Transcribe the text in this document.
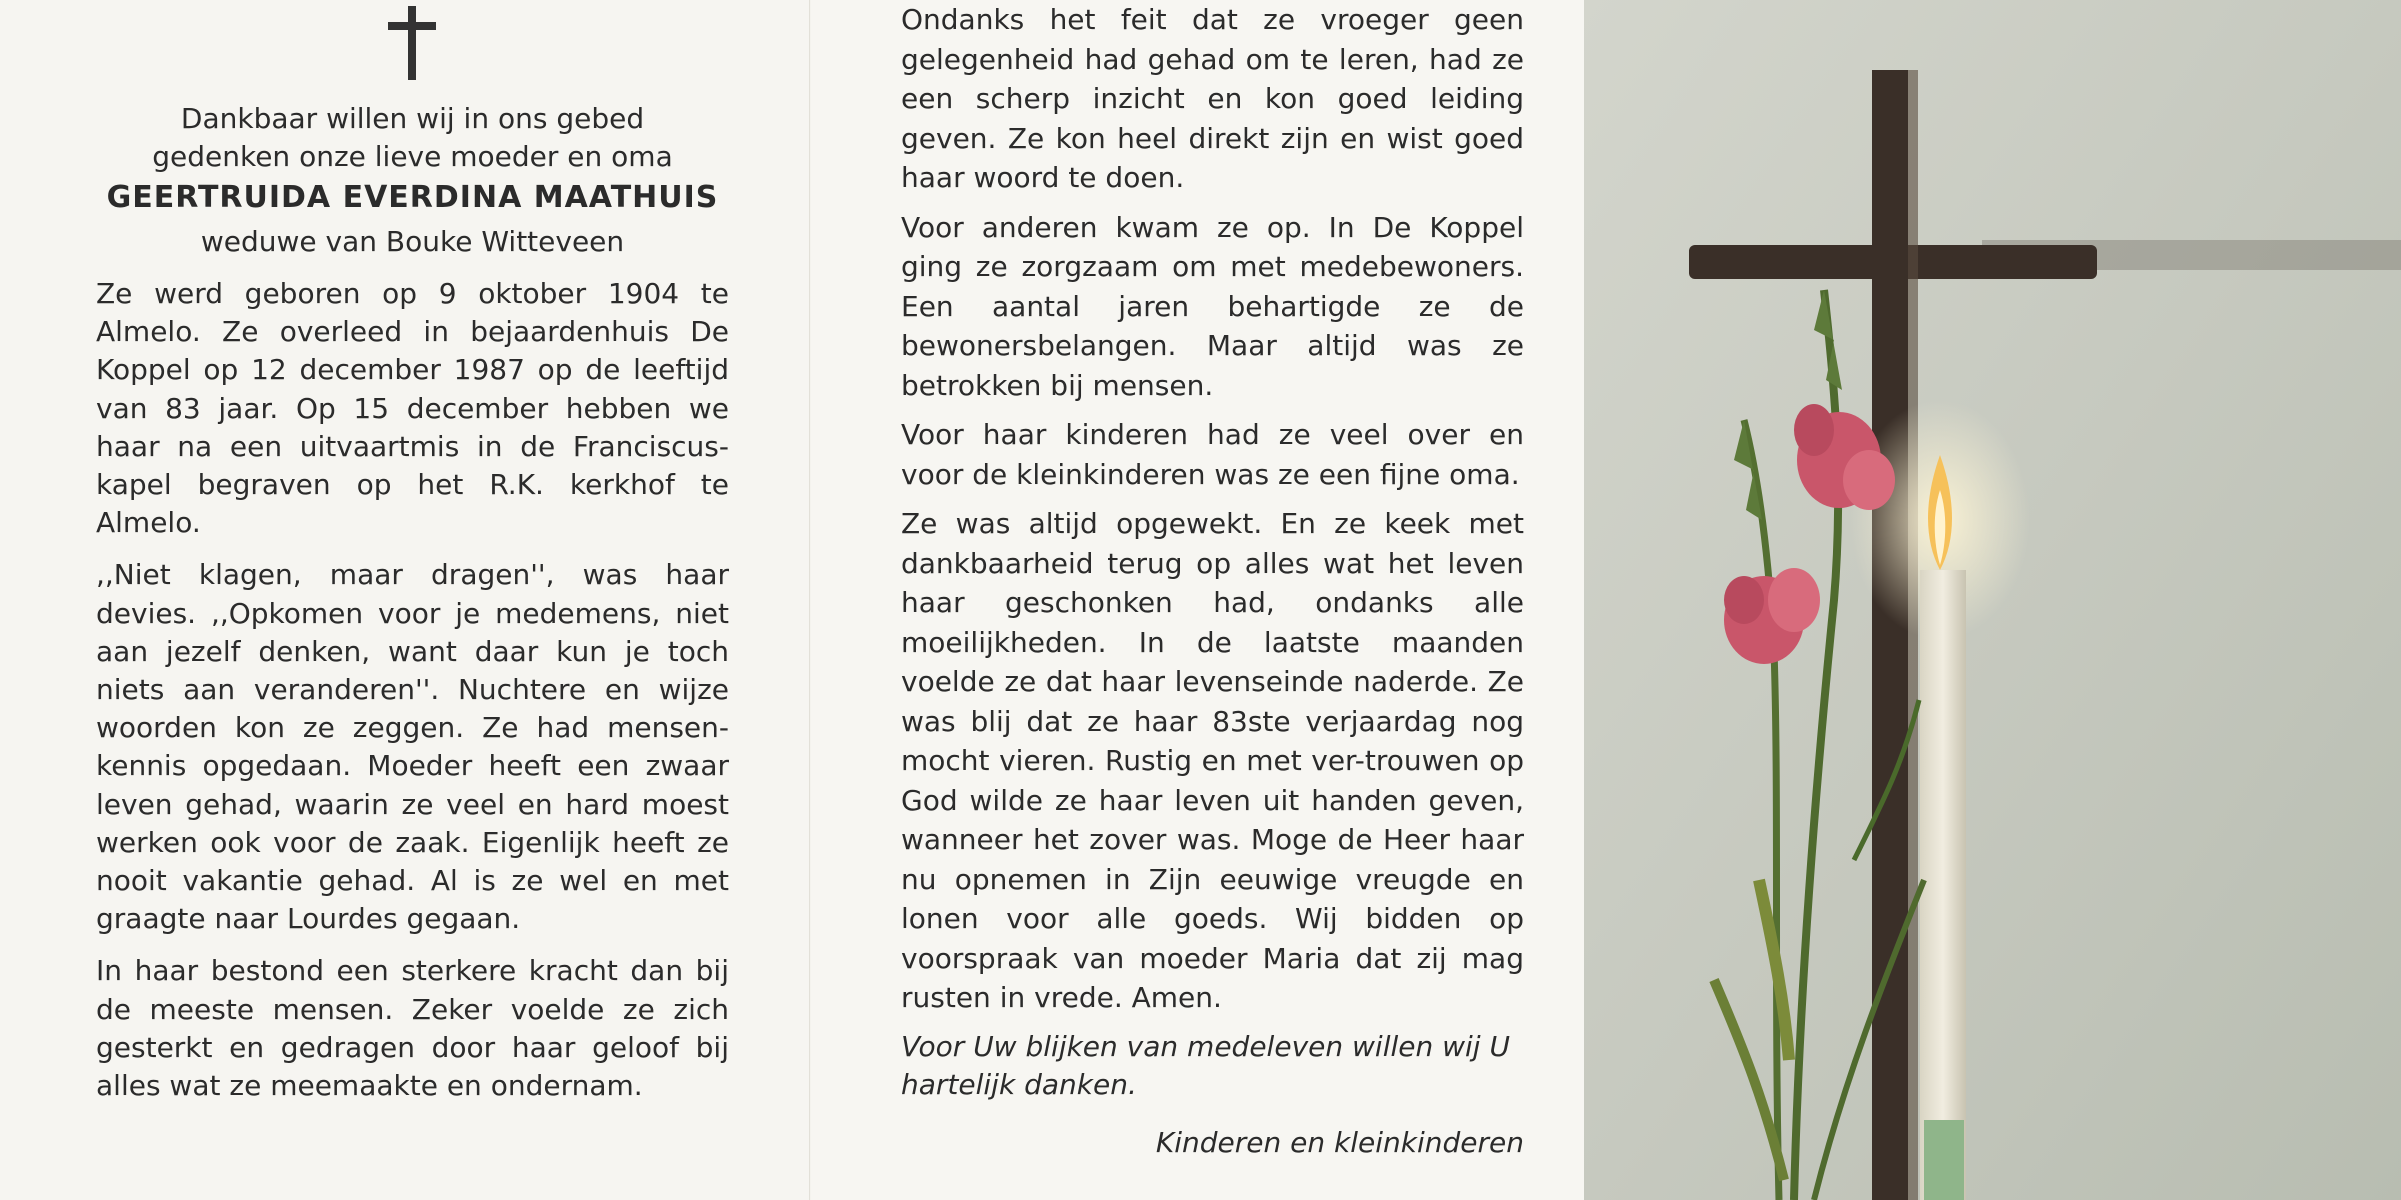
Dankbaar willen wij in ons gebed

gedenken onze lieve moeder en oma

GEERTRUIDA EVERDINA MAATHUIS

weduwe van Bouke Witteveen

Ze werd geboren op 9 oktober 1904 te Almelo. Ze overleed in bejaardenhuis De Koppel op 12 december 1987 op de leeftijd van 83 jaar. Op 15 december hebben we haar na een uitvaartmis in de Franciscus-kapel begraven op het R.K. kerkhof te Almelo.

,,Niet klagen, maar dragen'', was haar devies. ,,Opkomen voor je medemens, niet aan jezelf denken, want daar kun je toch niets aan veranderen''. Nuchtere en wijze woorden kon ze zeggen. Ze had mensen-kennis opgedaan. Moeder heeft een zwaar leven gehad, waarin ze veel en hard moest werken ook voor de zaak. Eigenlijk heeft ze nooit vakantie gehad. Al is ze wel en met graagte naar Lourdes gegaan.

In haar bestond een sterkere kracht dan bij de meeste mensen. Zeker voelde ze zich gesterkt en gedragen door haar geloof bij alles wat ze meemaakte en ondernam.

Ondanks het feit dat ze vroeger geen gelegenheid had gehad om te leren, had ze een scherp inzicht en kon goed leiding geven. Ze kon heel direkt zijn en wist goed haar woord te doen.

Voor anderen kwam ze op. In De Koppel ging ze zorgzaam om met medebewoners. Een aantal jaren behartigde ze de bewonersbelangen. Maar altijd was ze betrokken bij mensen.

Voor haar kinderen had ze veel over en voor de kleinkinderen was ze een fijne oma.

Ze was altijd opgewekt. En ze keek met dankbaarheid terug op alles wat het leven haar geschonken had, ondanks alle moeilijkheden. In de laatste maanden voelde ze dat haar levenseinde naderde. Ze was blij dat ze haar 83ste verjaardag nog mocht vieren. Rustig en met ver-trouwen op God wilde ze haar leven uit handen geven, wanneer het zover was. Moge de Heer haar nu opnemen in Zijn eeuwige vreugde en lonen voor alle goeds. Wij bidden op voorspraak van moeder Maria dat zij mag rusten in vrede. Amen.

Voor Uw blijken van medeleven willen wij U hartelijk danken.

Kinderen en kleinkinderen
